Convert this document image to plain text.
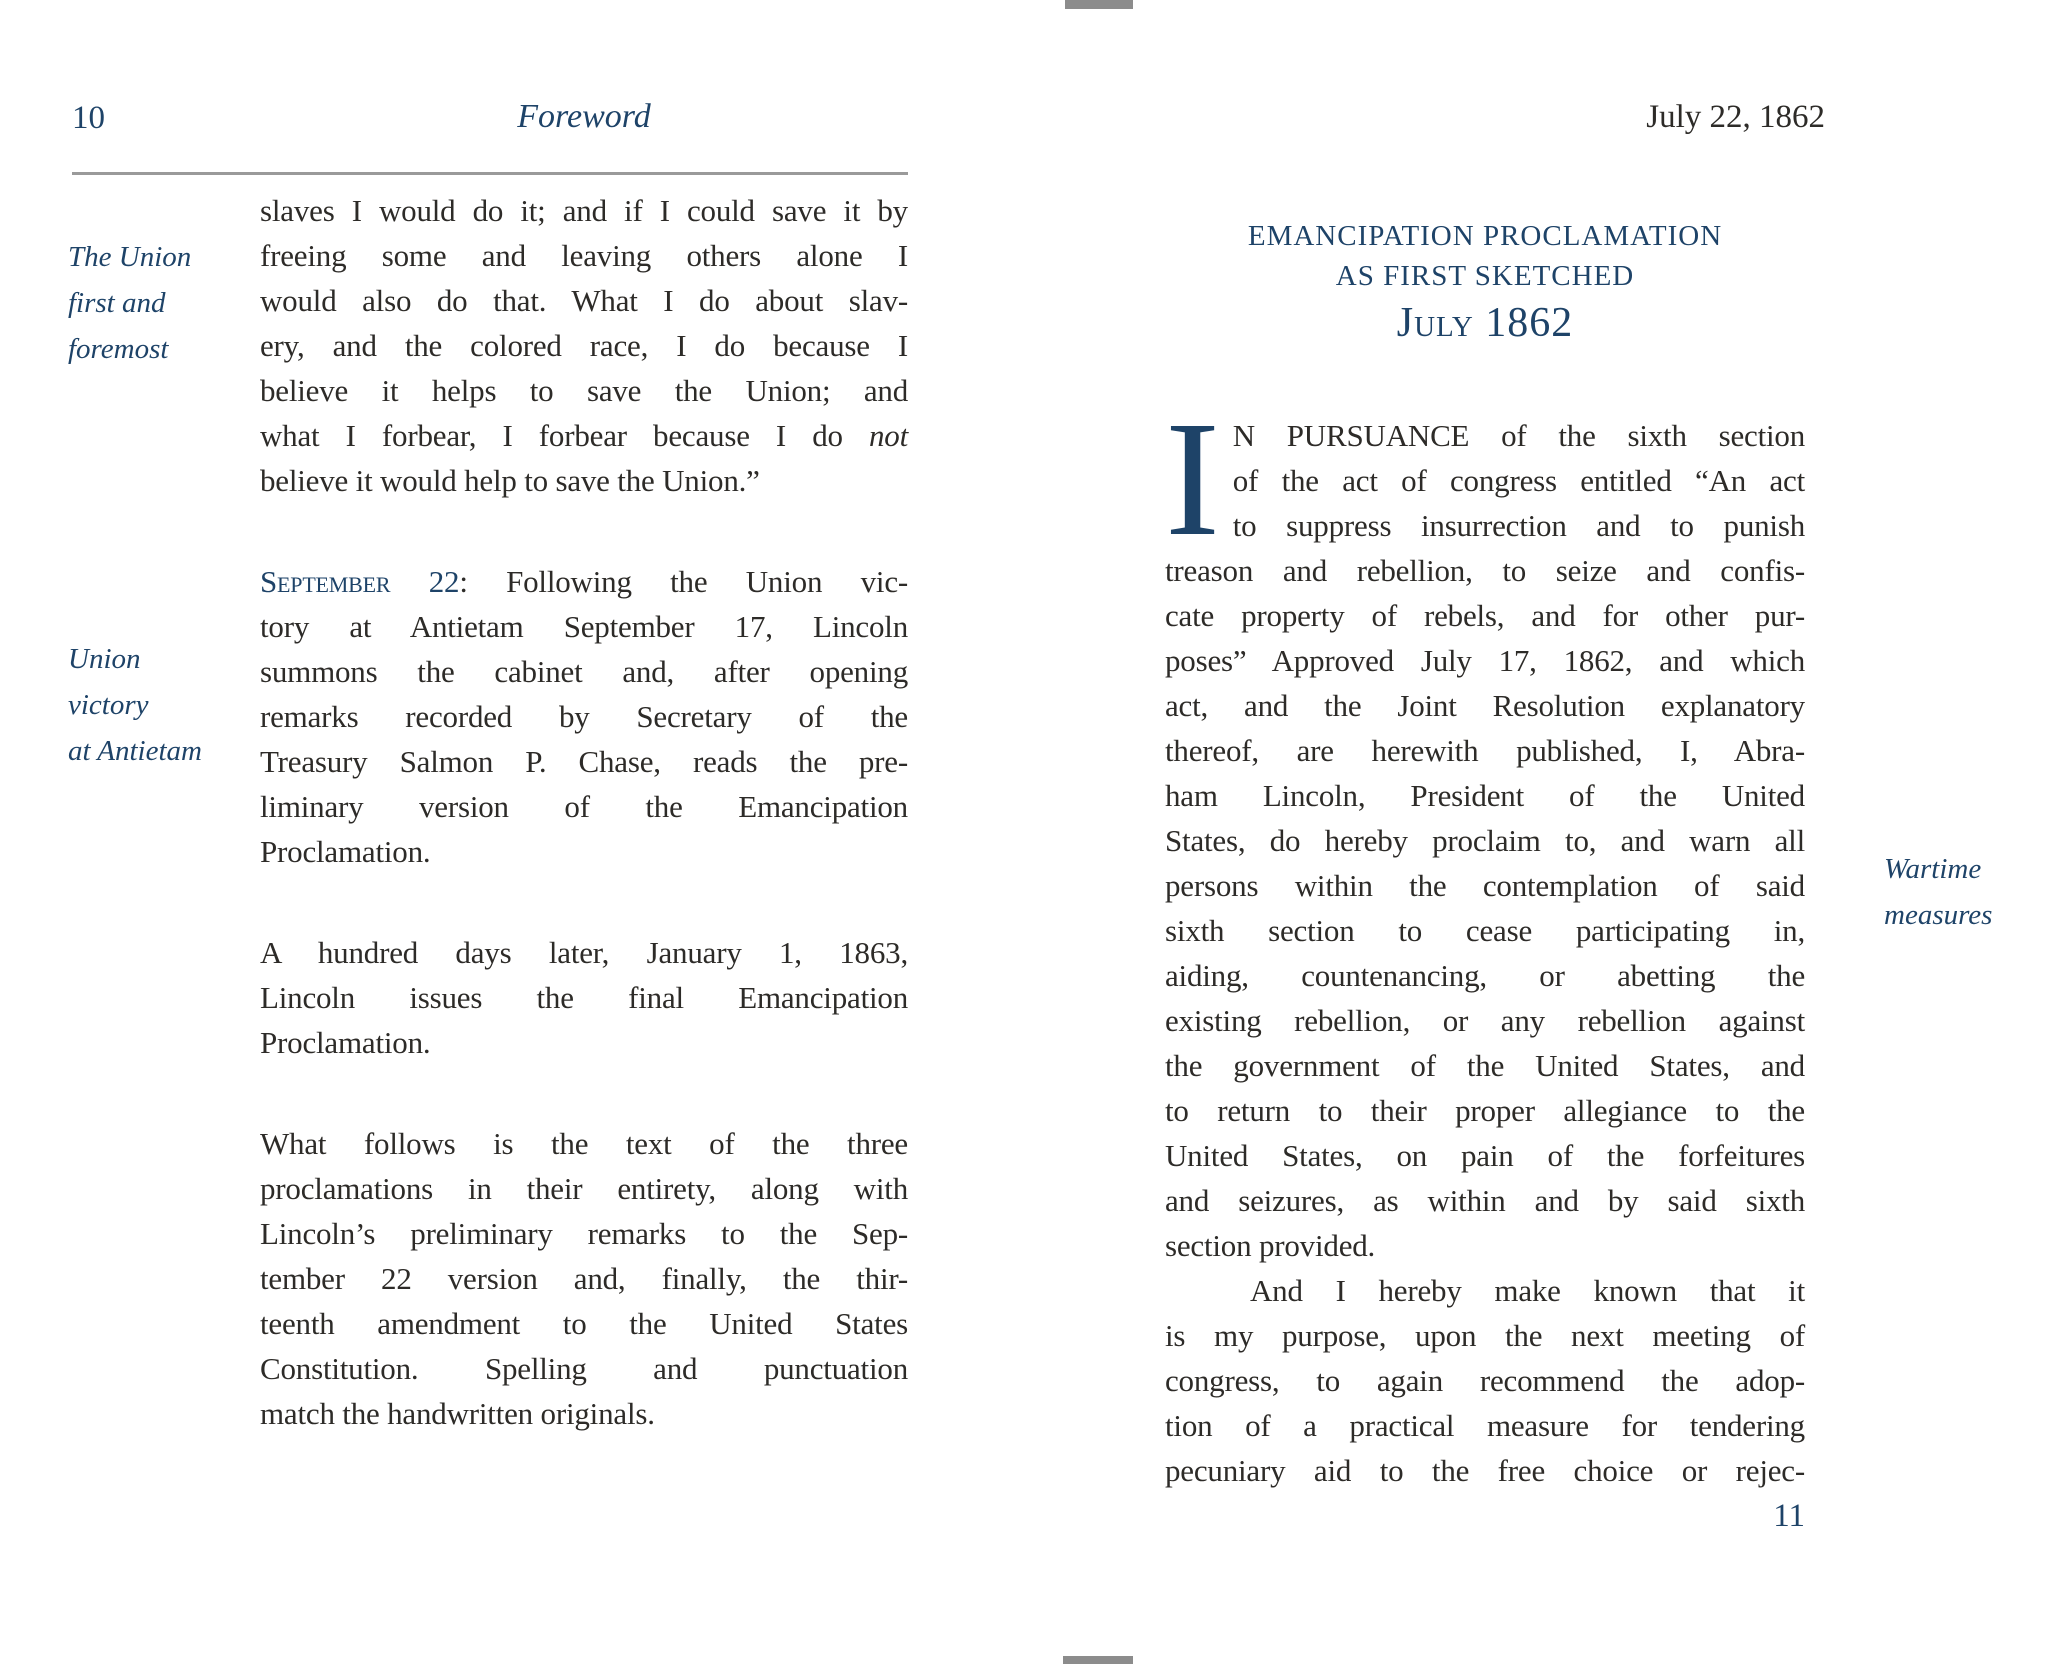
10	Foreword
The Union
first and
foremost
Union
victory
at Antietam
slaves I would do it; and if I could save it by
freeing some and leaving others alone I
would also do that. What I do about slav-
ery, and the colored race, I do because I
believe it helps to save the Union; and
what I forbear, I forbear because I do not
believe it would help to save the Union.”
September 22: Following the Union vic-
tory at Antietam September 17, Lincoln
summons the cabinet and, after opening
remarks recorded by Secretary of the
Treasury Salmon P. Chase, reads the pre-
liminary version of the Emancipation
Proclamation.
A hundred days later, January 1, 1863,
Lincoln issues the final Emancipation
Proclamation.
What follows is the text of the three
proclamations in their entirety, along with
Lincoln’s preliminary remarks to the Sep-
tember 22 version and, finally, the thir-
teenth amendment to the United States
Constitution. Spelling and punctuation
match the handwritten originals.
July 22, 1862
EMANCIPATION PROCLAMATION
AS FIRST SKETCHED
July 1862
I N PURSUANCE of the sixth section
of the act of congress entitled “An act
to suppress insurrection and to punish
treason and rebellion, to seize and confis-
cate property of rebels, and for other pur-
poses” Approved July 17, 1862, and which
act, and the Joint Resolution explanatory
thereof, are herewith published, I, Abra-
ham Lincoln, President of the United
States, do hereby proclaim to, and warn all
persons within the contemplation of said
sixth section to cease participating in,
aiding, countenancing, or abetting the
existing rebellion, or any rebellion against
the government of the United States, and
to return to their proper allegiance to the
United States, on pain of the forfeitures
and seizures, as within and by said sixth
section provided.
And I hereby make known that it
is my purpose, upon the next meeting of
congress, to again recommend the adop-
tion of a practical measure for tendering
pecuniary aid to the free choice or rejec-
Wartime
measures
11
